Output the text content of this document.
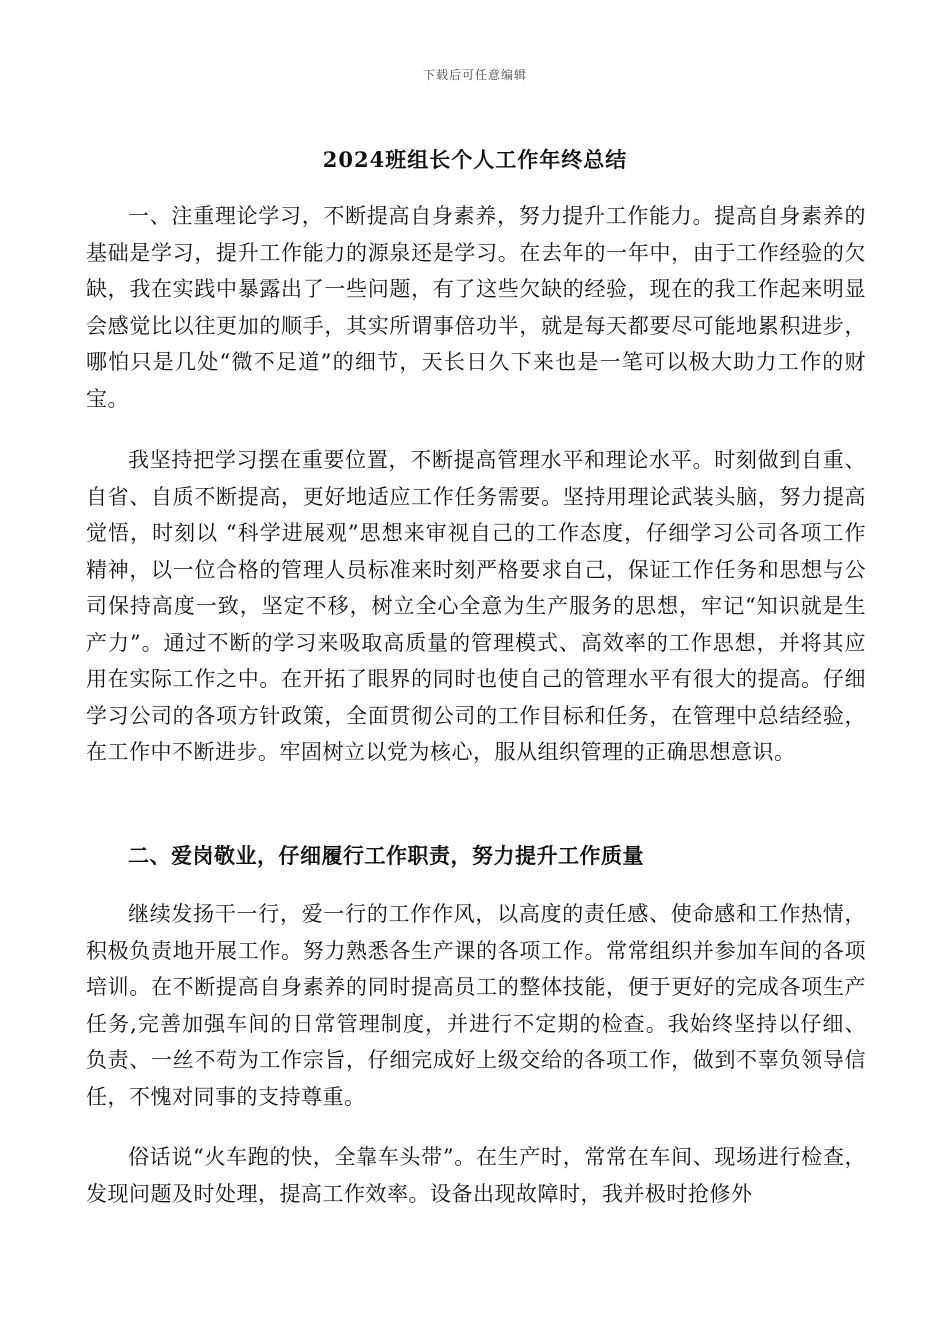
下载后可任意编辑
2024班组长个人工作年终总结

一、注重理论学习，不断提高自身素养，努力提升工作能力。提高自身素养的基础是学习，提升工作能力的源泉还是学习。在去年的一年中，由于工作经验的欠缺，我在实践中暴露出了一些问题，有了这些欠缺的经验，现在的我工作起来明显会感觉比以往更加的顺手，其实所谓事倍功半，就是每天都要尽可能地累积进步，哪怕只是几处“微不足道”的细节，天长日久下来也是一笔可以极大助力工作的财宝。

我坚持把学习摆在重要位置，不断提高管理水平和理论水平。时刻做到自重、自省、自质不断提高，更好地适应工作任务需要。坚持用理论武装头脑，努力提高觉悟，时刻以 “科学进展观”思想来审视自己的工作态度，仔细学习公司各项工作精神，以一位合格的管理人员标准来时刻严格要求自己，保证工作任务和思想与公司保持高度一致，坚定不移，树立全心全意为生产服务的思想，牢记“知识就是生产力”。通过不断的学习来吸取高质量的管理模式、高效率的工作思想，并将其应用在实际工作之中。在开拓了眼界的同时也使自己的管理水平有很大的提高。仔细学习公司的各项方针政策，全面贯彻公司的工作目标和任务，在管理中总结经验，在工作中不断进步。牢固树立以党为核心，服从组织管理的正确思想意识。

二、爱岗敬业，仔细履行工作职责，努力提升工作质量

继续发扬干一行，爱一行的工作作风，以高度的责任感、使命感和工作热情，积极负责地开展工作。努力熟悉各生产课的各项工作。常常组织并参加车间的各项培训。在不断提高自身素养的同时提高员工的整体技能，便于更好的完成各项生产任务,完善加强车间的日常管理制度，并进行不定期的检查。我始终坚持以仔细、负责、一丝不苟为工作宗旨，仔细完成好上级交给的各项工作，做到不辜负领导信任，不愧对同事的支持尊重。

俗话说“火车跑的快，全靠车头带”。在生产时，常常在车间、现场进行检查，发现问题及时处理，提高工作效率。设备出现故障时，我并极时抢修外
